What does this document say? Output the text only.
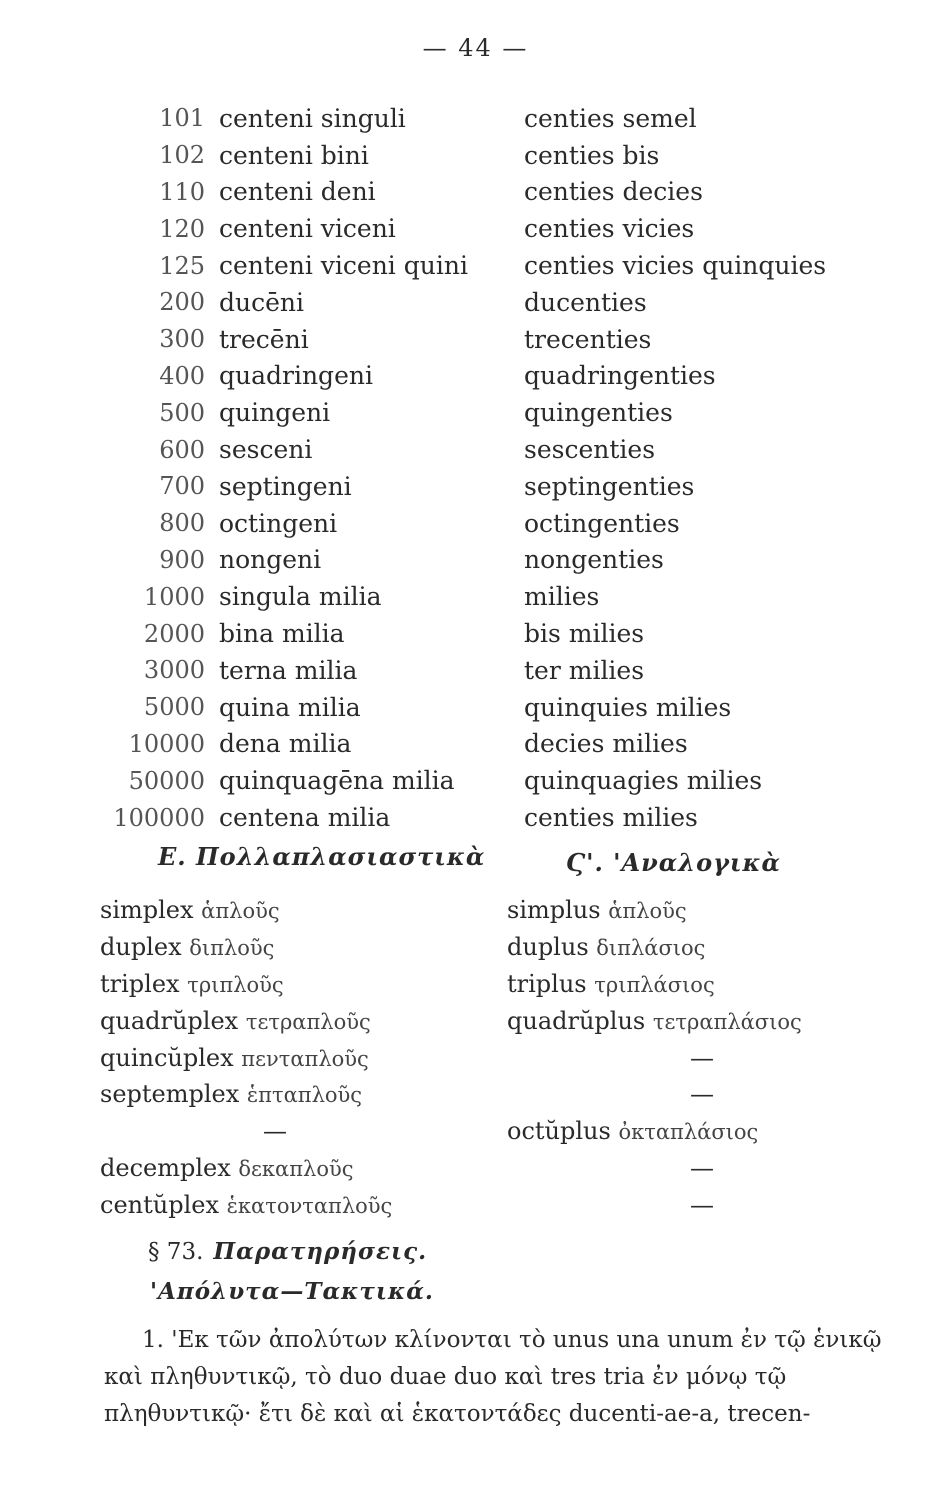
— 44 —
101 centeni singuli	centies semel
102 centeni bini	centies bis
110 centeni deni	centies decies
120 centeni viceni	centies vicies
125 centeni viceni quini	centies vicies quinquies
200 ducēni	ducenties
300 trecēni	trecenties
400 quadringeni	quadringenties
500 quingeni	quingenties
600 sesceni	sescenties
700 septingeni	septingenties
800 octingeni	octingenties
900 nongeni	nongenties
1000 singula milia	milies
2000 bina milia	bis milies
3000 terna milia	ter milies
5000 quina milia	quinquies milies
10000 dena milia	decies milies
50000 quinquagēna milia	quinquagies milies
100000 centena milia	centies milies
Ε. Πολλαπλασιαστικὰ	Ϛ'. 'Αναλογικὰ
simplex ἁπλοῦς	simplus ἁπλοῦς
duplex διπλοῦς	duplus διπλάσιος
triplex τριπλοῦς	triplus τριπλάσιος
quadrŭplex τετραπλοῦς	quadrŭplus τετραπλάσιος
quincŭplex πενταπλοῦς	—
septemplex ἑπταπλοῦς	—
—	octŭplus ὀκταπλάσιος
decemplex δεκαπλοῦς	—
centŭplex ἑκατονταπλοῦς	—
§ 73. Παρατηρήσεις.
'Απόλυτα—Τακτικά.
1. 'Εκ τῶν ἀπολύτων κλίνονται τὸ unus una unum ἐν τῷ ἑνικῷ καὶ πληθυντικῷ, τὸ duo duae duo καὶ tres tria ἐν μόνῳ τῷ πληθυντικῷ· ἔτι δὲ καὶ αἱ ἑκατοντάδες ducenti-ae-a, trecen-
